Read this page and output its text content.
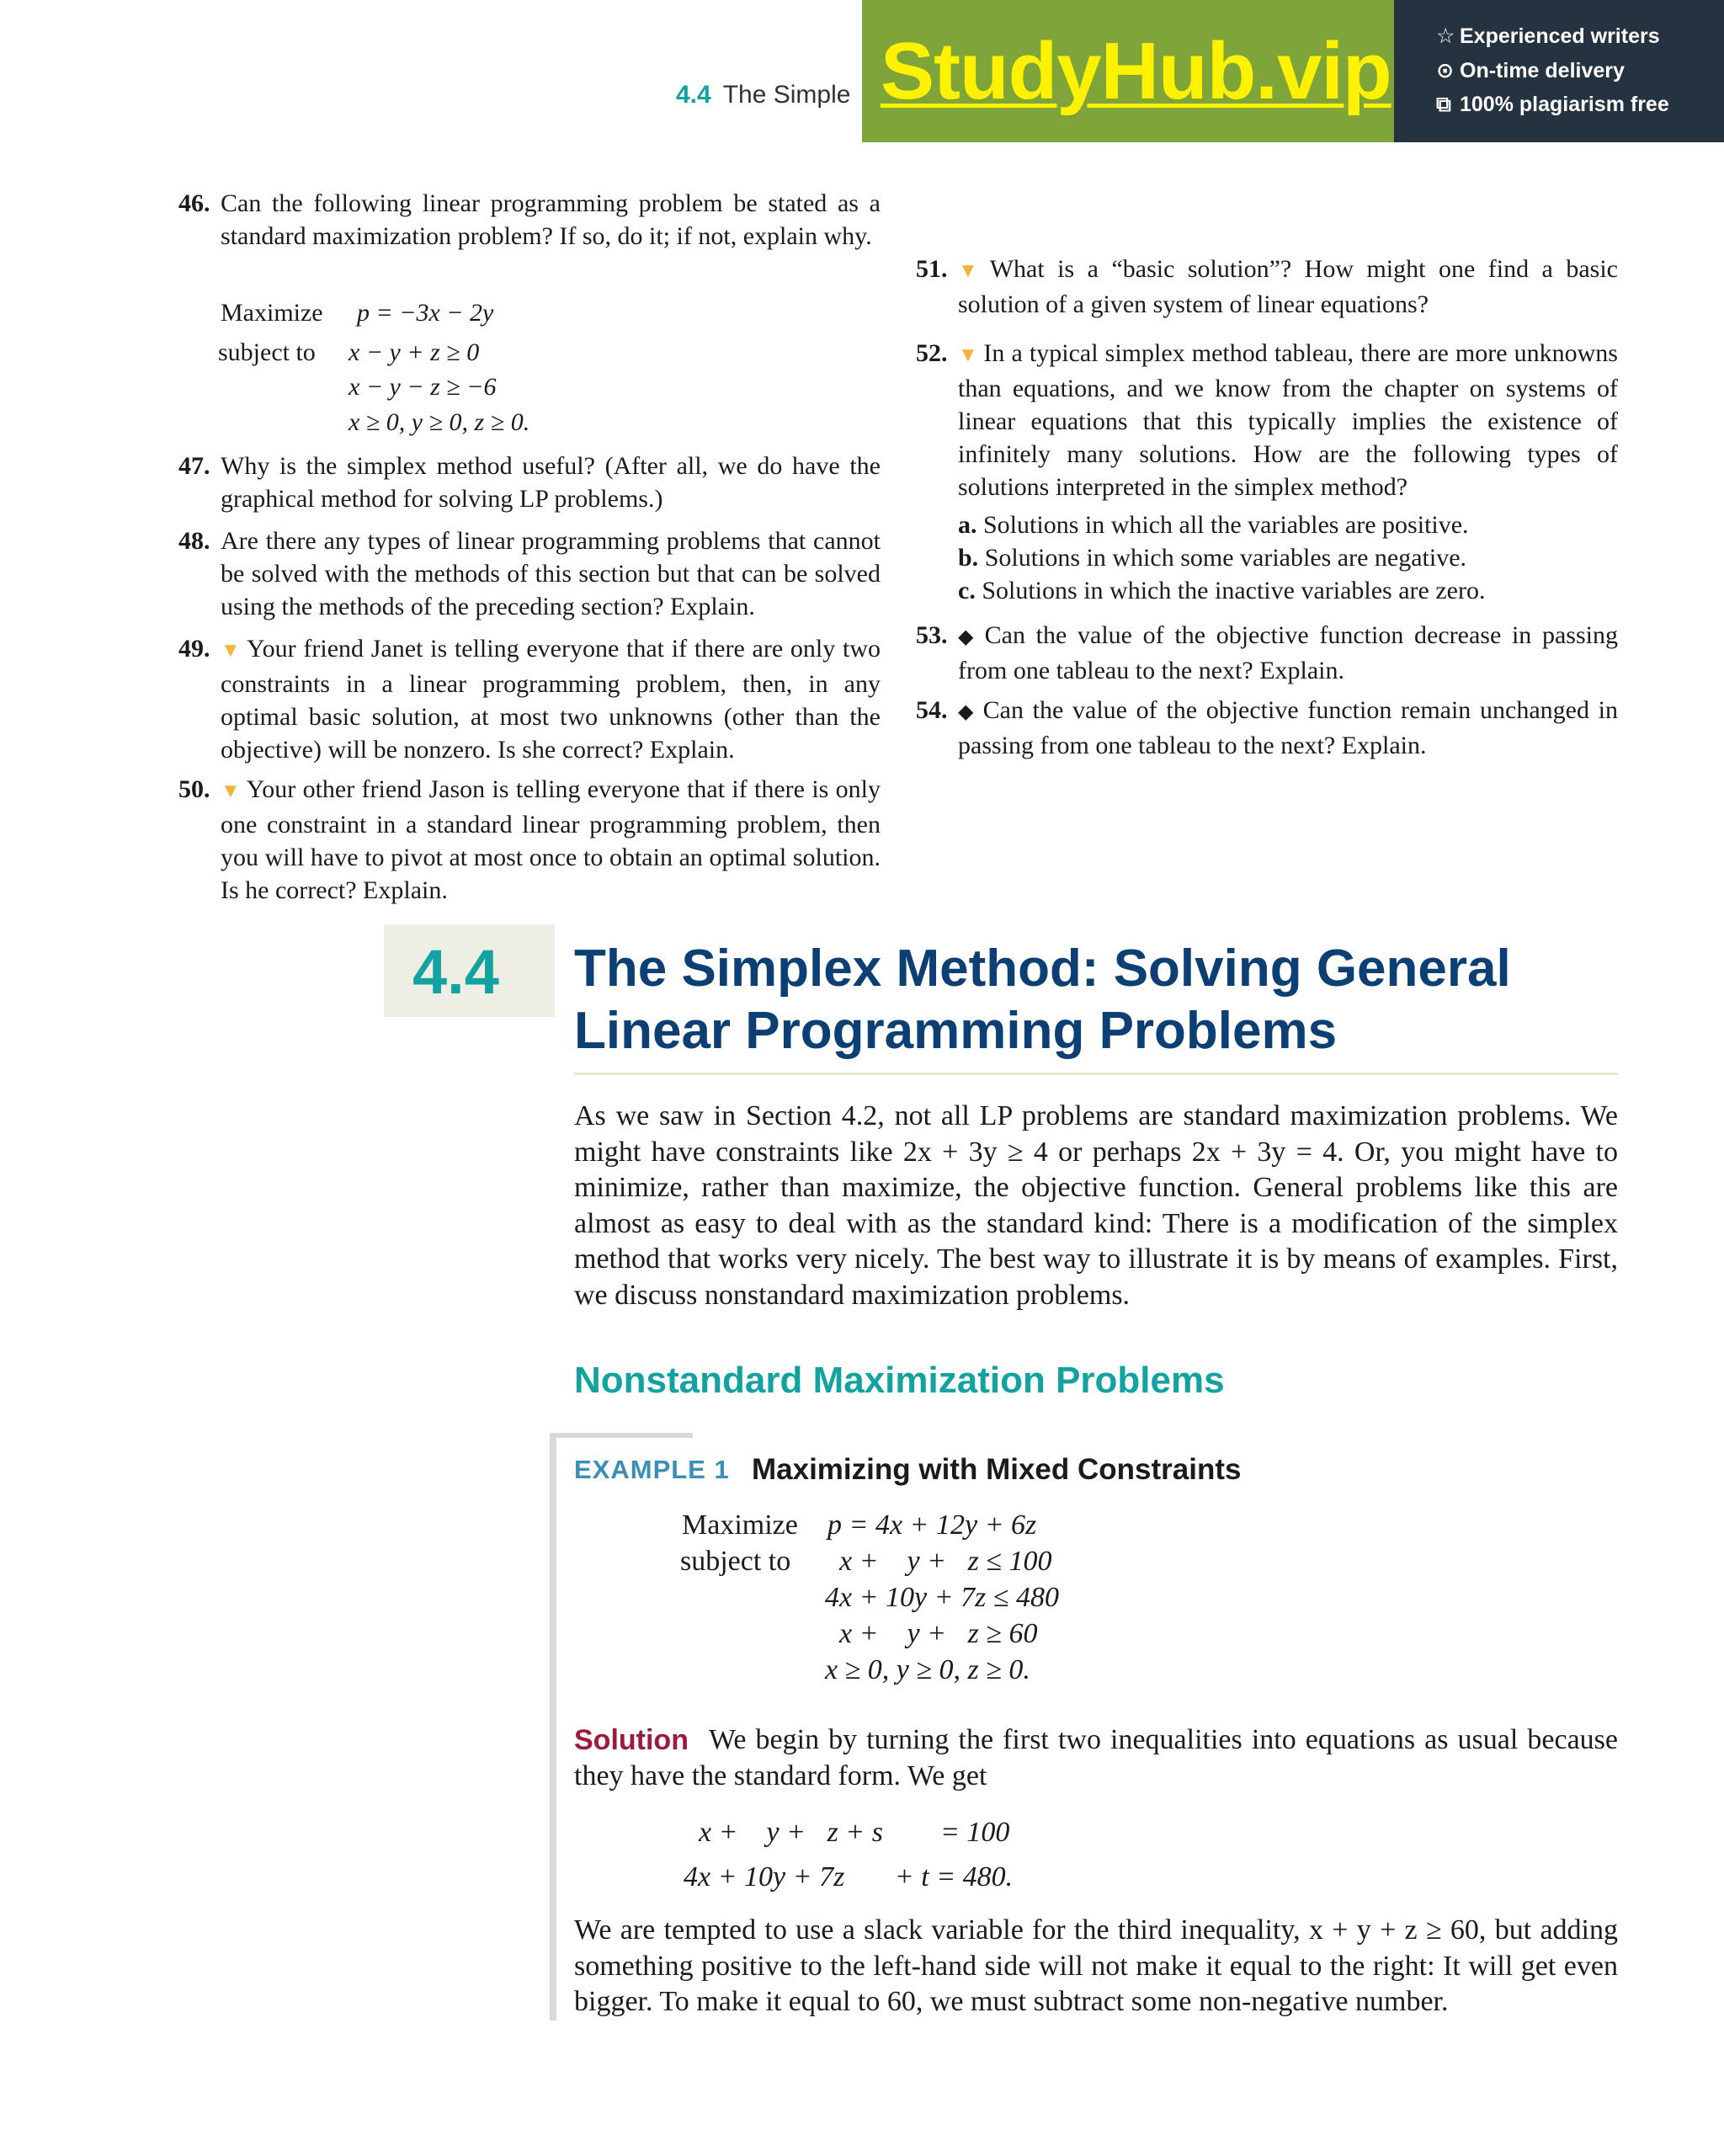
4.4 The Simple StudyHub.vip ☆ Experienced writers
⊙ On-time delivery
⧉ 100% plagiarism free
46. Can the following linear programming problem be stated as a standard maximization problem? If so, do it; if not, explain why.
Maximize p = −3x − 2y
subject to x − y + z ≥ 0
x − y − z ≥ −6
x ≥ 0, y ≥ 0, z ≥ 0.
47. Why is the simplex method useful? (After all, we do have the graphical method for solving LP problems.)
48. Are there any types of linear programming problems that cannot be solved with the methods of this section but that can be solved using the methods of the preceding section? Explain.
49. ▼ Your friend Janet is telling everyone that if there are only two constraints in a linear programming problem, then, in any optimal basic solution, at most two unknowns (other than the objective) will be nonzero. Is she correct? Explain.
50. ▼ Your other friend Jason is telling everyone that if there is only one constraint in a standard linear programming problem, then you will have to pivot at most once to obtain an optimal solution. Is he correct? Explain.
51. ▼ What is a “basic solution”? How might one find a basic solution of a given system of linear equations?
52. ▼ In a typical simplex method tableau, there are more unknowns than equations, and we know from the chapter on systems of linear equations that this typically implies the existence of infinitely many solutions. How are the following types of solutions interpreted in the simplex method?
a. Solutions in which all the variables are positive.
b. Solutions in which some variables are negative.
c. Solutions in which the inactive variables are zero.
53. ◆ Can the value of the objective function decrease in passing from one tableau to the next? Explain.
54. ◆ Can the value of the objective function remain unchanged in passing from one tableau to the next? Explain.
4.4 The Simplex Method: Solving General Linear Programming Problems
As we saw in Section 4.2, not all LP problems are standard maximization problems. We might have constraints like 2x + 3y ≥ 4 or perhaps 2x + 3y = 4. Or, you might have to minimize, rather than maximize, the objective function. General problems like this are almost as easy to deal with as the standard kind: There is a modification of the simplex method that works very nicely. The best way to illustrate it is by means of examples. First, we discuss nonstandard maximization problems.
Nonstandard Maximization Problems
EXAMPLE 1 Maximizing with Mixed Constraints
Maximize p = 4x + 12y + 6z
subject to x +    y +   z ≤ 100
4x + 10y + 7z ≤ 480
x +    y +   z ≥ 60
x ≥ 0, y ≥ 0, z ≥ 0.
We begin by turning the first two inequalities into equations as usual because they have the standard form. We get
Solution
x +    y +   z + s        = 100
4x + 10y + 7z       + t = 480.
We are tempted to use a slack variable for the third inequality, x + y + z ≥ 60, but adding something positive to the left-hand side will not make it equal to the right: It will get even bigger. To make it equal to 60, we must subtract some non-negative number.
